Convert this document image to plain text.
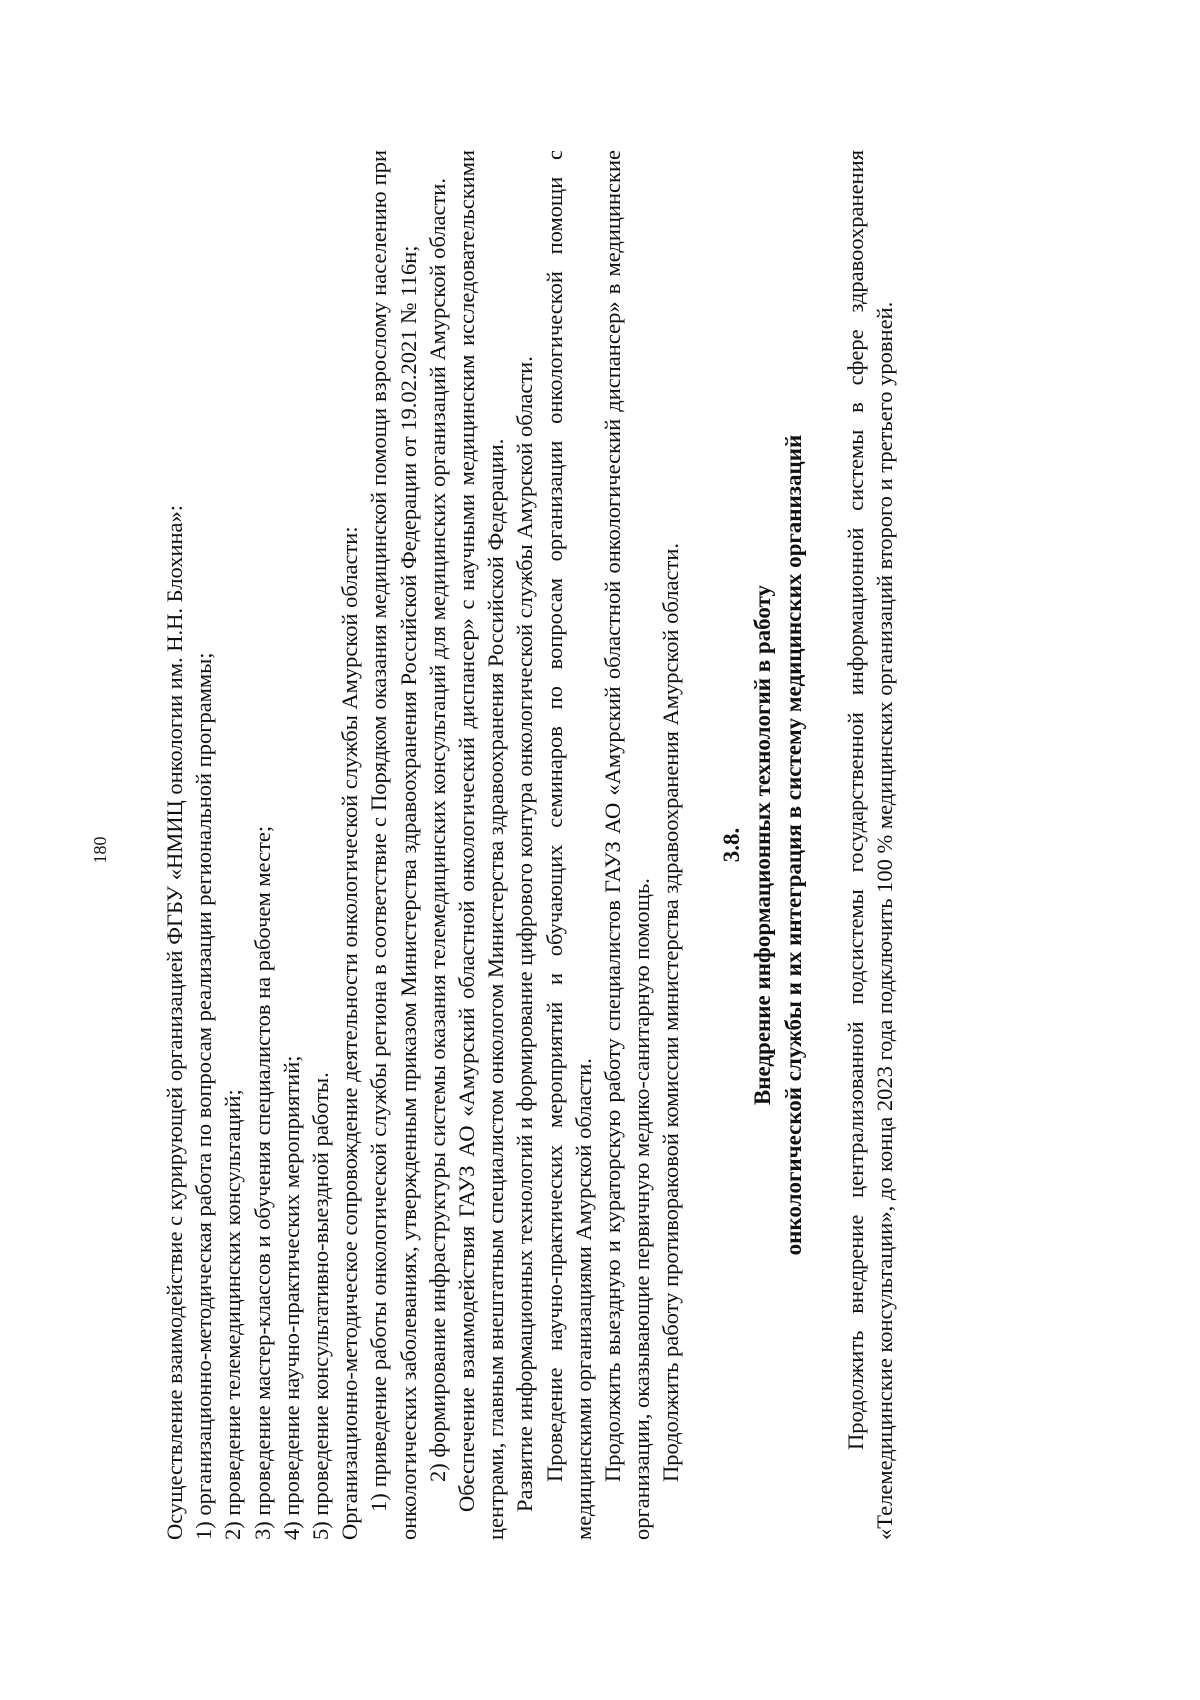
180 Осуществление взаимодействие с курирующей организацией ФГБУ «НМИЦ онкологии им. Н.Н. Блохина»: 1) организационно-методическая работа по вопросам реализации региональной программы; 2) проведение телемедицинских консультаций; 3) проведение мастер-классов и обучения специалистов на рабочем месте; 4) проведение научно-практических мероприятий; 5) проведение консультативно-выездной работы. Организационно-методическое сопровождение деятельности онкологической службы Амурской области: 1) приведение работы онкологической службы региона в соответствие с Порядком оказания медицинской помощи взрослому населению при онкологических заболеваниях, утвержденным приказом Министерства здравоохранения Российской Федерации от 19.02.2021 № 116н; 2) формирование инфраструктуры системы оказания телемедицинских консультаций для медицинских организаций Амурской области. Обеспечение взаимодействия ГАУЗ АО «Амурский областной онкологический диспансер» с научными медицинским исследовательскими центрами, главным внештатным специалистом онкологом Министерства здравоохранения Российской Федерации. Развитие информационных технологий и формирование цифрового контура онкологической службы Амурской области. Проведение научно-практических мероприятий и обучающих семинаров по вопросам организации онкологической помощи с медицинскими организациями Амурской области. Продолжить выездную и кураторскую работу специалистов ГАУЗ АО «Амурский областной онкологический диспансер» в медицинские организации, оказывающие первичную медико-санитарную помощь. Продолжить работу противораковой комиссии министерства здравоохранения Амурской области. 3.8. Внедрение информационных технологий в работу онкологической службы и их интеграция в систему медицинских организаций Продолжить внедрение централизованной подсистемы государственной информационной системы в сфере здравоохранения «Телемедицинские консультации», до конца 2023 года подключить 100 % медицинских организаций второго и третьего уровней.
